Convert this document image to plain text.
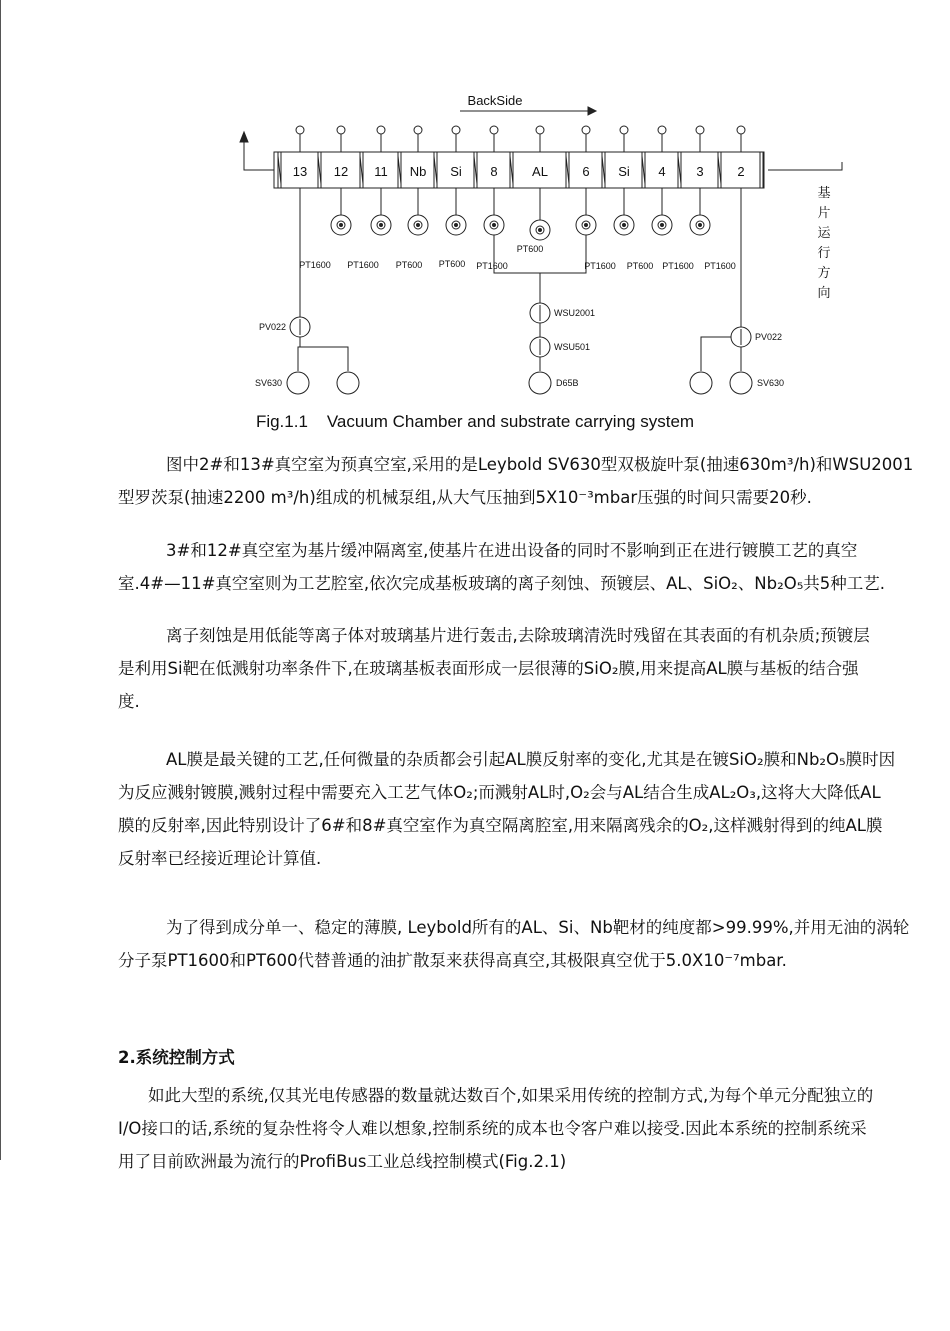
BackSide
13 12 11 Nb Si 8	AL	6 Si 4 3	2
基
片
运
行
方
向
PT1600 PT1600 PT600 PT600 PT1600
PT600
PT1600 PT600 PT1600 PT1600
WSU2001
WSU501
D65B
PV022
SV630
PV022
SV630
Fig.1.1 Vacuum Chamber and substrate carrying system
图中2#和13#真空室为预真空室,采用的是Leybold SV630型双极旋叶泵(抽速630m³/h)和WSU2001
型罗茨泵(抽速2200 m³/h)组成的机械泵组,从大气压抽到5X10⁻³mbar压强的时间只需要20秒.
3#和12#真空室为基片缓冲隔离室,使基片在进出设备的同时不影响到正在进行镀膜工艺的真空
室.4#—11#真空室则为工艺腔室,依次完成基板玻璃的离子刻蚀、预镀层、AL、SiO₂、Nb₂O₅共5种工艺.
离子刻蚀是用低能等离子体对玻璃基片进行轰击,去除玻璃清洗时残留在其表面的有机杂质;预镀层
是利用Si靶在低溅射功率条件下,在玻璃基板表面形成一层很薄的SiO₂膜,用来提高AL膜与基板的结合强
度.
AL膜是最关键的工艺,任何微量的杂质都会引起AL膜反射率的变化,尤其是在镀SiO₂膜和Nb₂O₅膜时因
为反应溅射镀膜,溅射过程中需要充入工艺气体O₂;而溅射AL时,O₂会与AL结合生成AL₂O₃,这将大大降低AL
膜的反射率,因此特别设计了6#和8#真空室作为真空隔离腔室,用来隔离残余的O₂,这样溅射得到的纯AL膜
反射率已经接近理论计算值.
为了得到成分单一、稳定的薄膜, Leybold所有的AL、Si、Nb靶材的纯度都>99.99%,并用无油的涡轮
分子泵PT1600和PT600代替普通的油扩散泵来获得高真空,其极限真空优于5.0X10⁻⁷mbar.
2.系统控制方式
如此大型的系统,仅其光电传感器的数量就达数百个,如果采用传统的控制方式,为每个单元分配独立的
I/O接口的话,系统的复杂性将令人难以想象,控制系统的成本也令客户难以接受.因此本系统的控制系统采
用了目前欧洲最为流行的ProfiBus工业总线控制模式(Fig.2.1)
